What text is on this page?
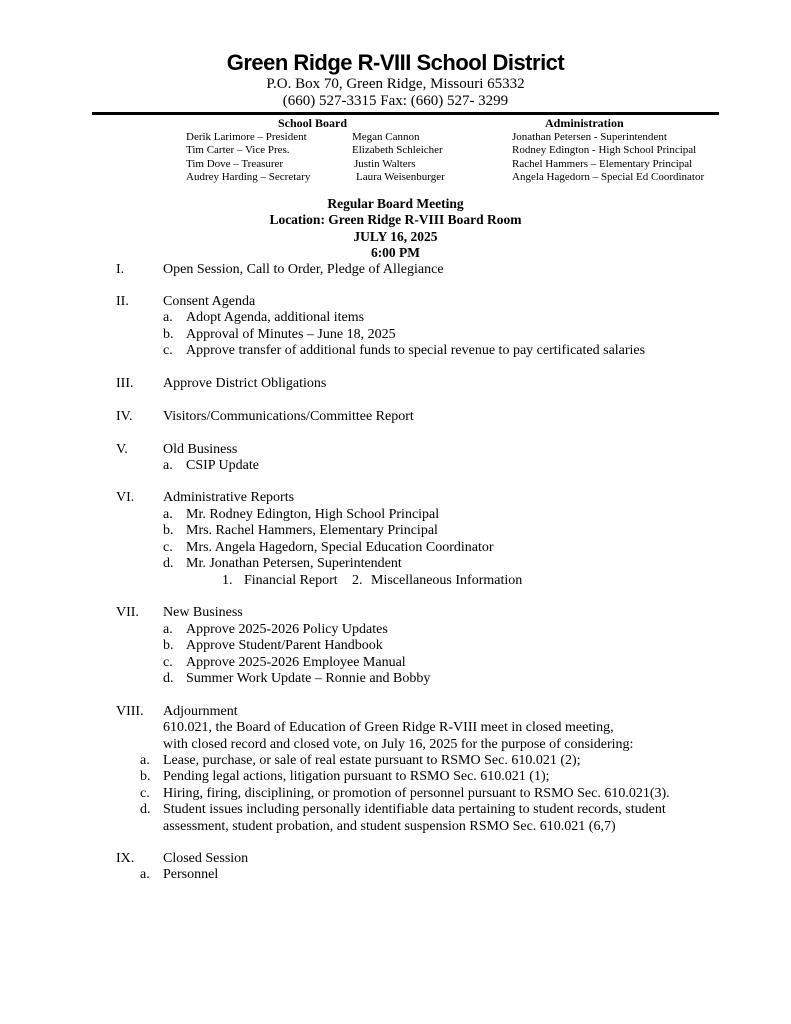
Green Ridge R-VIII School District
P.O. Box 70, Green Ridge, Missouri 65332
(660) 527-3315 Fax: (660) 527- 3299
School Board
Derik Larimore – President
Tim Carter – Vice Pres.
Tim Dove – Treasurer
Audrey Harding – Secretary
Megan Cannon
Elizabeth Schleicher
Justin Walters
Laura Weisenburger
Administration
Jonathan Petersen - Superintendent
Rodney Edington - High School Principal
Rachel Hammers – Elementary Principal
Angela Hagedorn – Special Ed Coordinator
Regular Board Meeting
Location: Green Ridge R-VIII Board Room
JULY 16, 2025
6:00 PM
I.	Open Session, Call to Order, Pledge of Allegiance
II. Consent Agenda
a. Adopt Agenda, additional items
b. Approval of Minutes – June 18, 2025
c. Approve transfer of additional funds to special revenue to pay certificated salaries
III. Approve District Obligations
IV. Visitors/Communications/Committee Report
V.	Old Business
a. CSIP Update
VI. Administrative Reports
a. Mr. Rodney Edington, High School Principal
b. Mrs. Rachel Hammers, Elementary Principal
c. Mrs. Angela Hagedorn, Special Education Coordinator
d. Mr. Jonathan Petersen, Superintendent
1. Financial Report 2. Miscellaneous Information
VII. New Business
a. Approve 2025-2026 Policy Updates
b. Approve Student/Parent Handbook
c. Approve 2025-2026 Employee Manual
d. Summer Work Update – Ronnie and Bobby
VIII. Adjournment
610.021, the Board of Education of Green Ridge R-VIII meet in closed meeting,
with closed record and closed vote, on July 16, 2025 for the purpose of considering:
a. Lease, purchase, or sale of real estate pursuant to RSMO Sec. 610.021 (2);
b. Pending legal actions, litigation pursuant to RSMO Sec. 610.021 (1);
c. Hiring, firing, disciplining, or promotion of personnel pursuant to RSMO Sec. 610.021(3).
d. Student issues including personally identifiable data pertaining to student records, student
assessment, student probation, and student suspension RSMO Sec. 610.021 (6,7)
IX. Closed Session
a. Personnel
